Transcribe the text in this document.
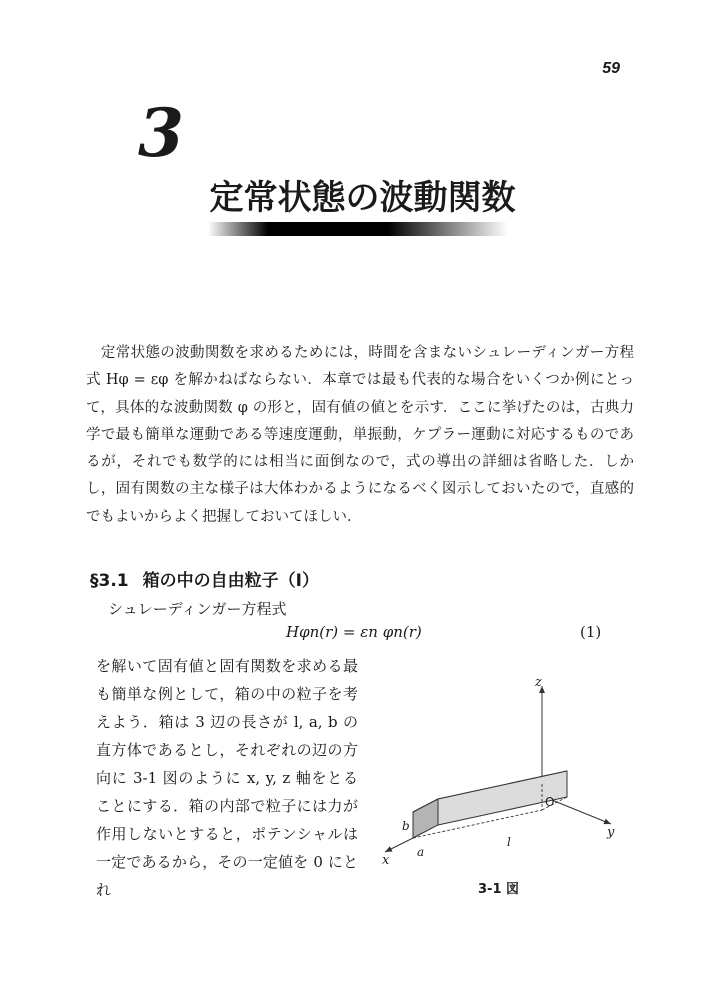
59
3
定常状態の波動関数

　定常状態の波動関数を求めるためには，時間を含まないシュレーディンガー方程式 Hφ = εφ を解かねばならない．本章では最も代表的な場合をいくつか例にとって，具体的な波動関数 φ の形と，固有値の値とを示す．ここに挙げたのは，古典力学で最も簡単な運動である等速度運動，単振動，ケプラー運動に対応するものであるが，それでも数学的には相当に面倒なので，式の導出の詳細は省略した．しかし，固有関数の主な様子は大体わかるようになるべく図示しておいたので，直感的でもよいからよく把握しておいてほしい．

§3.1 箱の中の自由粒子（Ⅰ）
シュレーディンガー方程式
Hφn(r) = εn φn(r)	(1)

を解いて固有値と固有関数を求める最も簡単な例として，箱の中の粒子を考えよう．箱は 3 辺の長さが l, a, b の直方体であるとし，それぞれの辺の方向に 3-1 図のように x, y, z 軸をとることにする．箱の内部で粒子には力が作用しないとすると，ポテンシャルは一定であるから，その一定値を 0 にとれ

z
y
x
O
a
b
l
3-1 図
